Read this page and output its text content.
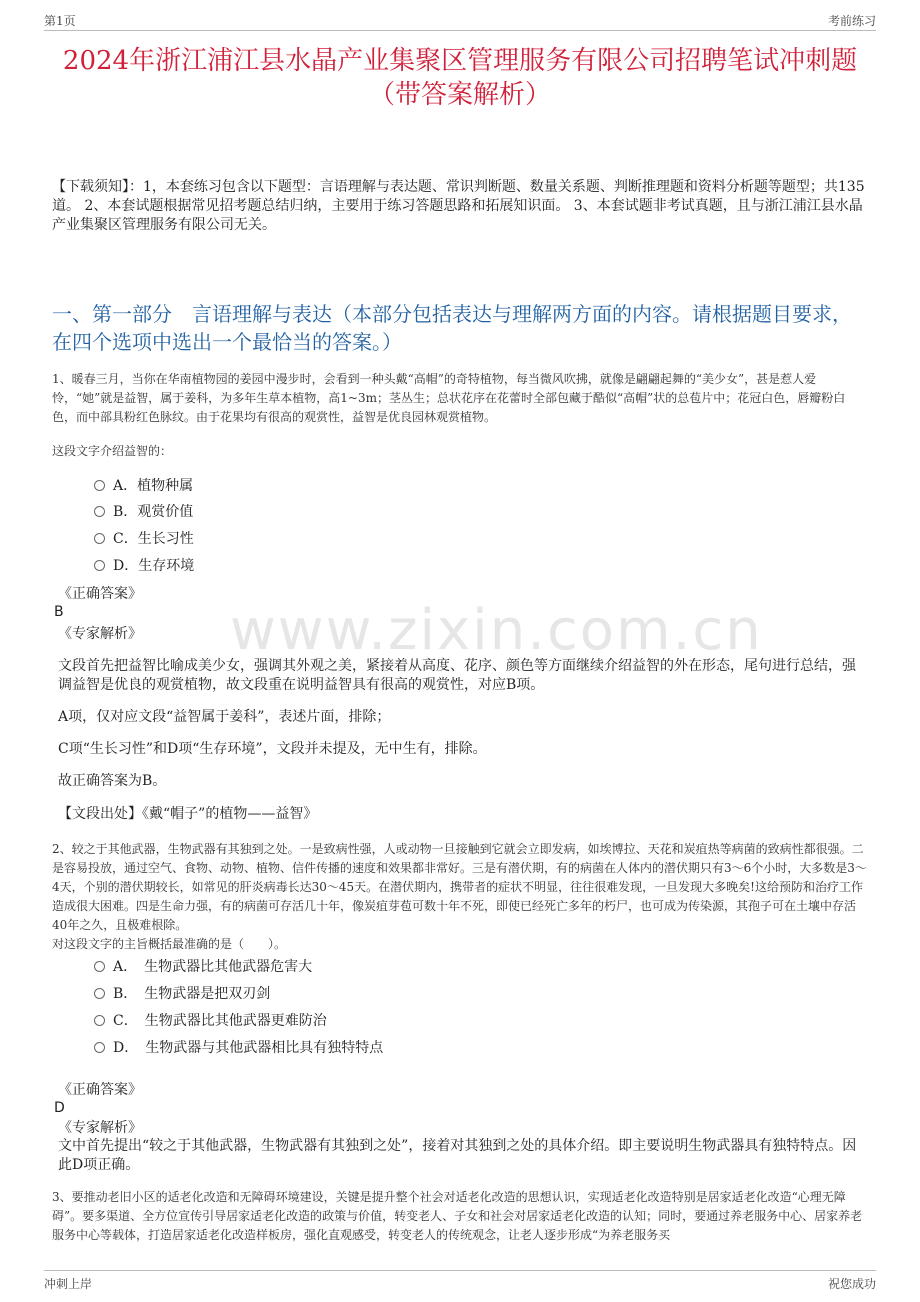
第1页	考前练习
2024年浙江浦江县水晶产业集聚区管理服务有限公司招聘笔试冲刺题（带答案解析）
【下载须知】：1，本套练习包含以下题型：言语理解与表达题、常识判断题、数量关系题、判断推理题和资料分析题等题型；共135道。 2、本套试题根据常见招考题总结归纳，主要用于练习答题思路和拓展知识面。 3、本套试题非考试真题，且与浙江浦江县水晶产业集聚区管理服务有限公司无关。
一、第一部分　言语理解与表达（本部分包括表达与理解两方面的内容。请根据题目要求，在四个选项中选出一个最恰当的答案。）
www.zixin.com.cn
1、暖春三月，当你在华南植物园的姜园中漫步时，会看到一种头戴“高帽”的奇特植物，每当微风吹拂，就像是翩翩起舞的“美少女”，甚是惹人爱怜，“她”就是益智，属于姜科，为多年生草本植物，高1~3m；茎丛生；总状花序在花蕾时全部包藏于酷似“高帽”状的总苞片中；花冠白色，唇瓣粉白色，而中部具粉红色脉纹。由于花果均有很高的观赏性，益智是优良园林观赏植物。
这段文字介绍益智的：
A．植物种属
B．观赏价值
C．生长习性
D．生存环境
《正确答案》
B
《专家解析》
文段首先把益智比喻成美少女，强调其外观之美，紧接着从高度、花序、颜色等方面继续介绍益智的外在形态，尾句进行总结，强调益智是优良的观赏植物，故文段重在说明益智具有很高的观赏性，对应B项。
A项，仅对应文段“益智属于姜科”，表述片面，排除；
C项“生长习性”和D项“生存环境”，文段并未提及，无中生有，排除。
故正确答案为B。
【文段出处】《戴“帽子”的植物——益智》
2、较之于其他武器，生物武器有其独到之处。一是致病性强，人或动物一旦接触到它就会立即发病，如埃博拉、天花和炭疽热等病菌的致病性都很强。二是容易投放，通过空气、食物、动物、植物、信件传播的速度和效果都非常好。三是有潜伏期，有的病菌在人体内的潜伏期只有3～6个小时，大多数是3～4天，个别的潜伏期较长，如常见的肝炎病毒长达30～45天。在潜伏期内，携带者的症状不明显，往往很难发现，一旦发现大多晚矣!这给预防和治疗工作造成很大困难。四是生命力强，有的病菌可存活几十年，像炭疽芽苞可数十年不死，即使已经死亡多年的朽尸，也可成为传染源，其孢子可在土壤中存活40年之久，且极难根除。
对这段文字的主旨概括最准确的是（　　）。
A．　生物武器比其他武器危害大
B．　生物武器是把双刃剑
C．　生物武器比其他武器更难防治
D．　生物武器与其他武器相比具有独特特点
《正确答案》
D
《专家解析》
文中首先提出“较之于其他武器，生物武器有其独到之处”，接着对其独到之处的具体介绍。即主要说明生物武器具有独特特点。因此D项正确。
3、要推动老旧小区的适老化改造和无障碍环境建设，关键是提升整个社会对适老化改造的思想认识，实现适老化改造特别是居家适老化改造“心理无障碍”。要多渠道、全方位宣传引导居家适老化改造的政策与价值，转变老人、子女和社会对居家适老化改造的认知；同时，要通过养老服务中心、居家养老服务中心等载体，打造居家适老化改造样板房，强化直观感受，转变老人的传统观念，让老人逐步形成“为养老服务买
冲刺上岸	祝您成功
